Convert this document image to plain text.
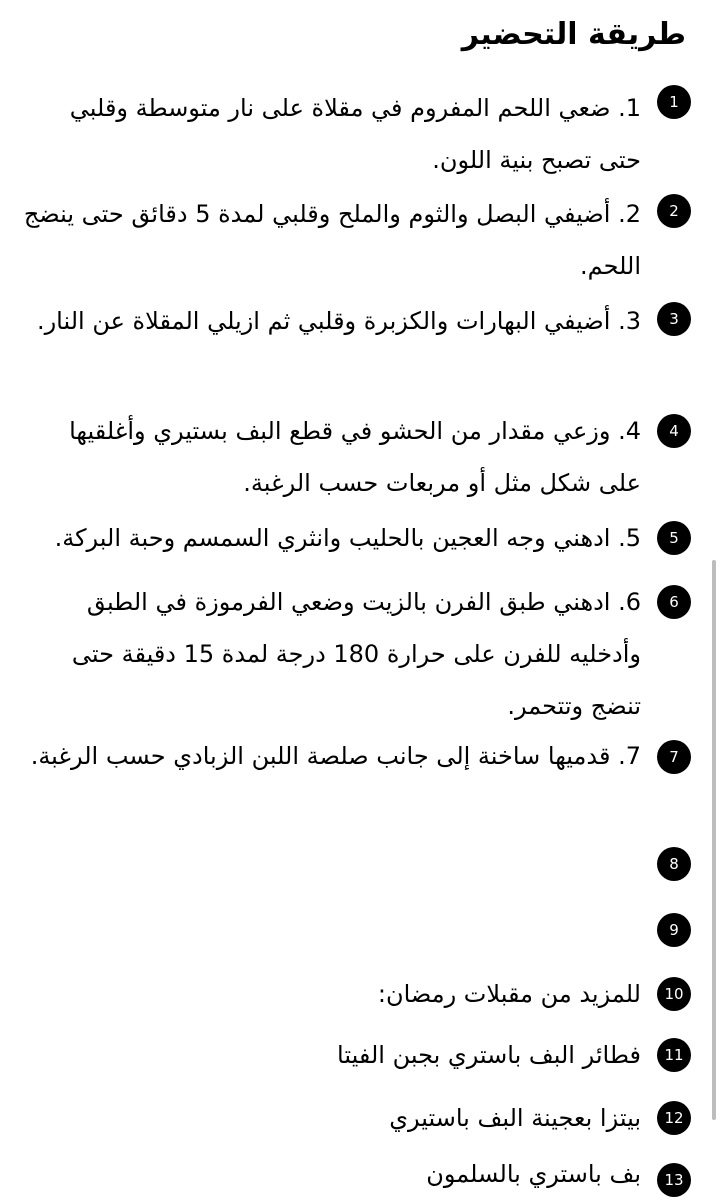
طريقة التحضير
1
1. ضعي اللحم المفروم في مقلاة على نار متوسطة وقلبي حتى تصبح بنية اللون.
2
2. أضيفي البصل والثوم والملح وقلبي لمدة 5 دقائق حتى ينضج اللحم.
3
3. أضيفي البهارات والكزبرة وقلبي ثم ازيلي المقلاة عن النار.
4
4. وزعي مقدار من الحشو في قطع البف بستيري وأغلقيها على شكل مثل أو مربعات حسب الرغبة.
5
5. ادهني وجه العجين بالحليب وانثري السمسم وحبة البركة.
6
6. ادهني طبق الفرن بالزيت وضعي الفرموزة في الطبق وأدخليه للفرن على حرارة 180 درجة لمدة 15 دقيقة حتى تنضج وتتحمر.
7
7. قدميها ساخنة إلى جانب صلصة اللبن الزبادي حسب الرغبة.
8
9
10
للمزيد من مقبلات رمضان:
11
فطائر البف باستري بجبن الفيتا
12
بيتزا بعجينة البف باستيري
13
بف باستري بالسلمون
